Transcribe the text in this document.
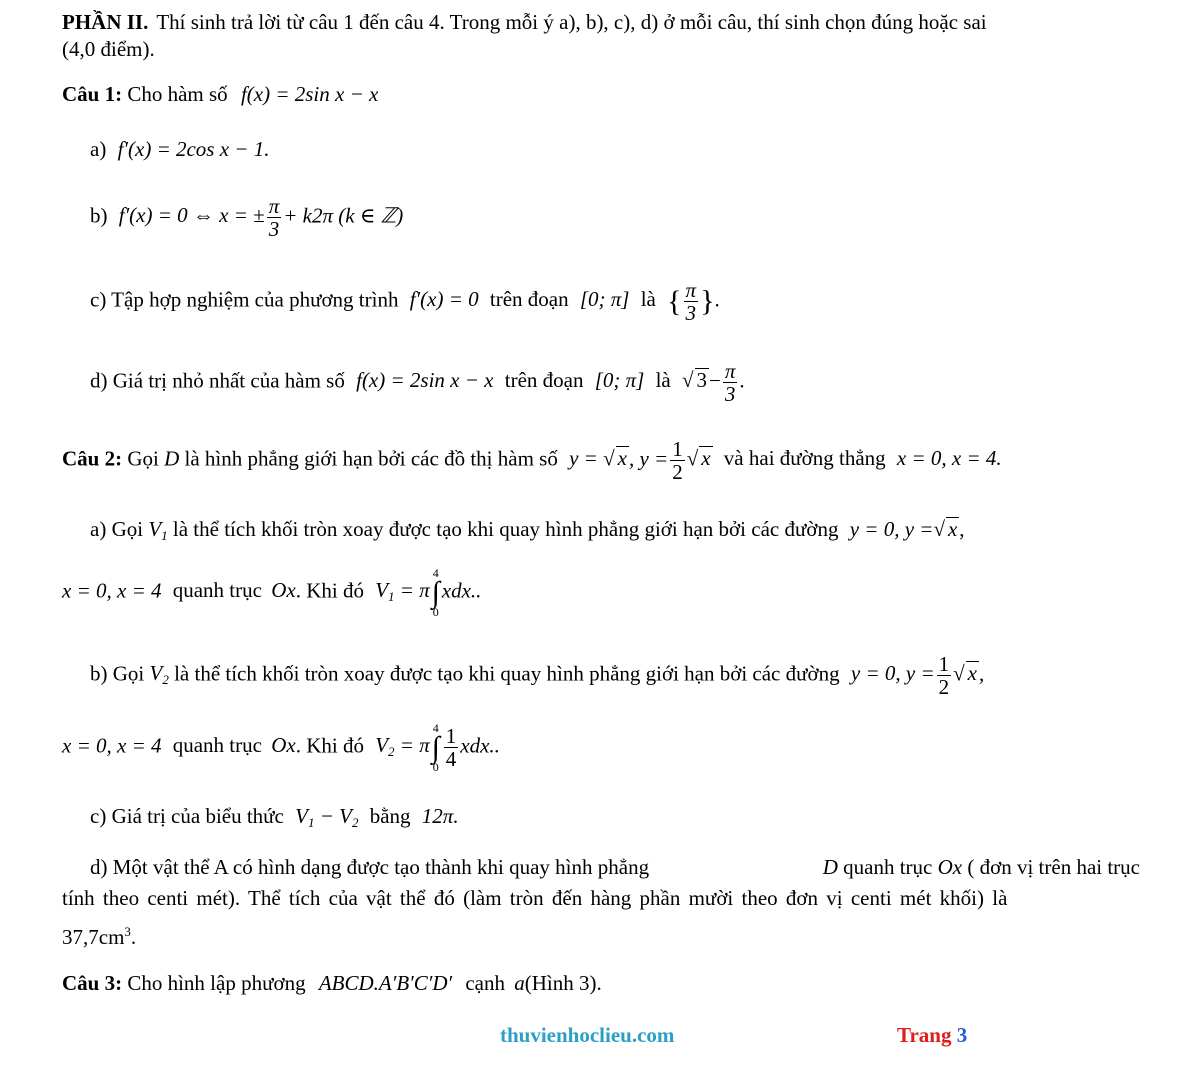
PHẦN II. Thí sinh trả lời từ câu 1 đến câu 4. Trong mỗi ý a), b), c), d) ở mỗi câu, thí sinh chọn đúng hoặc sai
(4,0 điểm).
Câu 1: Cho hàm số f(x) = 2sin x − x
a) f′(x) = 2cos x − 1.
b) f′(x) = 0 ⇔ x = ± $\frac{\pi}{3} + k2\pi$ (k ∈ ℤ)
c) Tập hợp nghiệm của phương trình f′(x) = 0 trên đoạn [0; π] là { $\frac{\pi}{3}$ }.
d) Giá trị nhỏ nhất của hàm số f(x) = 2sin x − x trên đoạn [0; π] là √ $3- \frac{\pi}{3}$ .
Câu 2: Gọi D là hình phẳng giới hạn bởi các đồ thị hàm số y = √ x, $y = \frac{1}{2}$ √ x và hai đường thẳng x = 0, x = 4.
a) Gọi $V_1$ là thể tích khối tròn xoay được tạo khi quay hình phẳng giới hạn bởi các đường y = 0, y =√ x,
x = 0, x = 4 quanh trục Ox. Khi đó $V_1 = \pi$
4
∫
0
xdx..
b) Gọi $V_2$ là thể tích khối tròn xoay được tạo khi quay hình phẳng giới hạn bởi các đường y = 0, $y = \frac{1}{2}$ √ x,
x = 0, x = 4 quanh trục Ox. Khi đó $V_2 = \pi$
4
∫
$0 \frac{1}{4}$ xdx..
c) Giá trị của biểu thức $V_1 - V_2$ bằng 12π.
d) Một vật thể A có hình dạng được tạo thành khi quay hình phẳng	D quanh trục Ox ( đơn vị trên hai trục
tính theo centi mét). Thể tích của vật thể đó (làm tròn đến hàng phần mười theo đơn vị centi mét khối) là
$37,7cm^3$.
Câu 3: Cho hình lập phương ABCD.A′B′C′D′ cạnh a(Hình 3).
thuvienhoclieu.com	Trang 3
